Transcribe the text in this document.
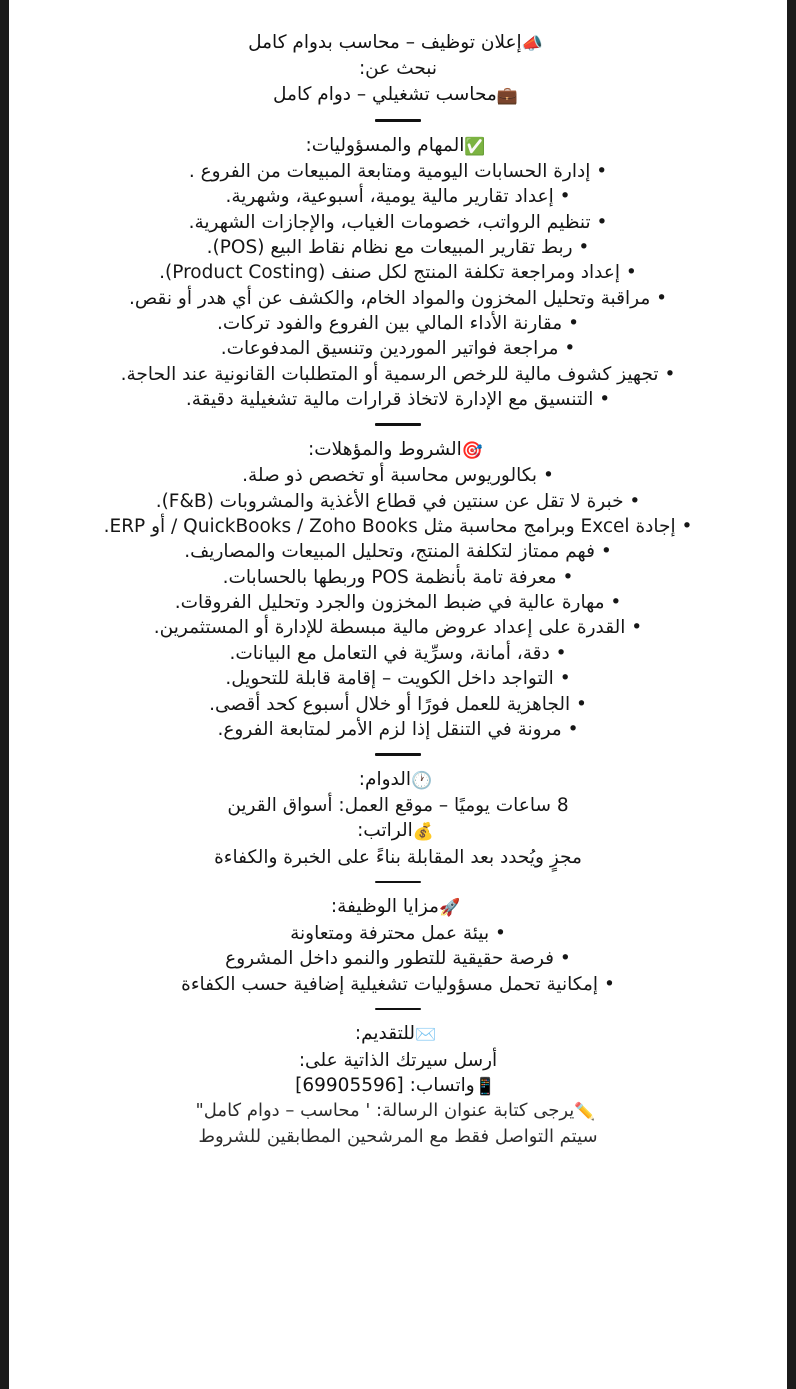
📣إعلان توظيف – محاسب بدوام كامل

نبحث عن:

💼محاسب تشغيلي – دوام كامل

✅المهام والمسؤوليات:

• إدارة الحسابات اليومية ومتابعة المبيعات من الفروع .
• إعداد تقارير مالية يومية، أسبوعية، وشهرية.
• تنظيم الرواتب، خصومات الغياب، والإجازات الشهرية.
• ربط تقارير المبيعات مع نظام نقاط البيع (POS).
• إعداد ومراجعة تكلفة المنتج لكل صنف (Product Costing).
• مراقبة وتحليل المخزون والمواد الخام، والكشف عن أي هدر أو نقص.
• مقارنة الأداء المالي بين الفروع والفود تركات.
• مراجعة فواتير الموردين وتنسيق المدفوعات.
• تجهيز كشوف مالية للرخص الرسمية أو المتطلبات القانونية عند الحاجة.
• التنسيق مع الإدارة لاتخاذ قرارات مالية تشغيلية دقيقة.

🎯الشروط والمؤهلات:

• بكالوريوس محاسبة أو تخصص ذو صلة.
• خبرة لا تقل عن سنتين في قطاع الأغذية والمشروبات (F&B).
• إجادة Excel وبرامج محاسبة مثل QuickBooks / Zoho Books / أو ERP.
• فهم ممتاز لتكلفة المنتج، وتحليل المبيعات والمصاريف.
• معرفة تامة بأنظمة POS وربطها بالحسابات.
• مهارة عالية في ضبط المخزون والجرد وتحليل الفروقات.
• القدرة على إعداد عروض مالية مبسطة للإدارة أو المستثمرين.
• دقة، أمانة، وسرِّية في التعامل مع البيانات.
• التواجد داخل الكويت – إقامة قابلة للتحويل.
• الجاهزية للعمل فورًا أو خلال أسبوع كحد أقصى.
• مرونة في التنقل إذا لزم الأمر لمتابعة الفروع.

🕐الدوام:

8 ساعات يوميًا – موقع العمل: أسواق القرين

💰الراتب:

مجزٍ ويُحدد بعد المقابلة بناءً على الخبرة والكفاءة

🚀مزايا الوظيفة:

• بيئة عمل محترفة ومتعاونة
• فرصة حقيقية للتطور والنمو داخل المشروع
• إمكانية تحمل مسؤوليات تشغيلية إضافية حسب الكفاءة

✉️للتقديم:

أرسل سيرتك الذاتية على:

📱واتساب: [69905596]

✏️يرجى كتابة عنوان الرسالة: ' محاسب – دوام كامل"

سيتم التواصل فقط مع المرشحين المطابقين للشروط
